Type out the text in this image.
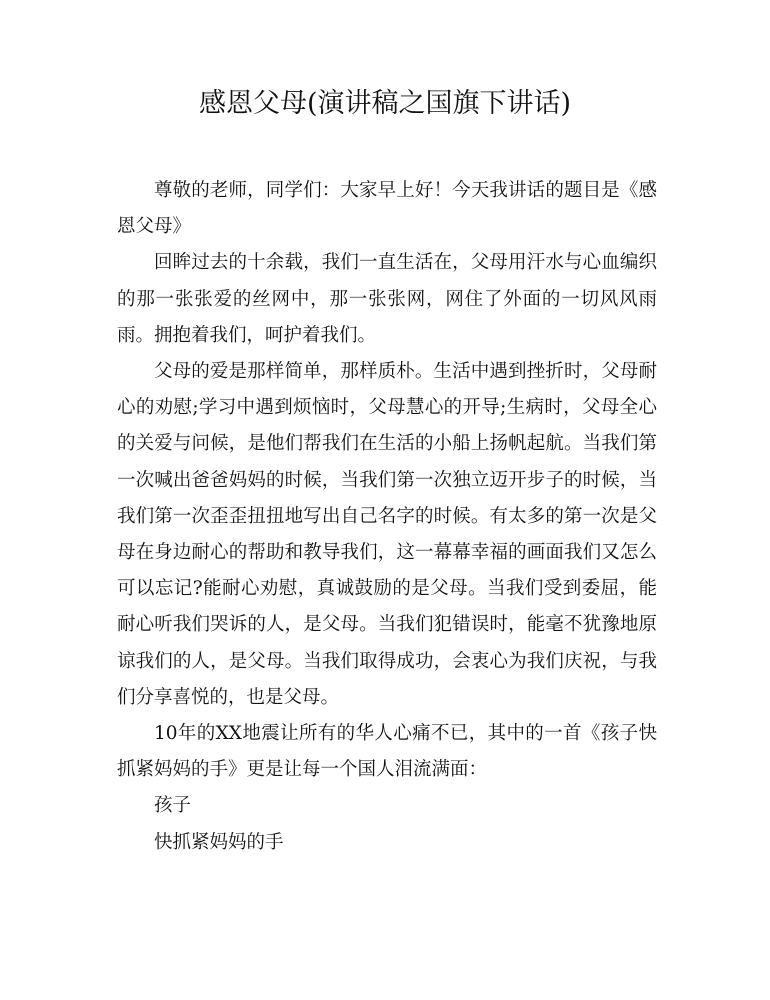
感恩父母(演讲稿之国旗下讲话)

尊敬的老师，同学们：大家早上好！今天我讲话的题目是《感恩父母》

回眸过去的十余载，我们一直生活在，父母用汗水与心血编织的那一张张爱的丝网中，那一张张网，网住了外面的一切风风雨雨。拥抱着我们，呵护着我们。

父母的爱是那样简单，那样质朴。生活中遇到挫折时，父母耐心的劝慰;学习中遇到烦恼时，父母慧心的开导;生病时，父母全心的关爱与问候，是他们帮我们在生活的小船上扬帆起航。当我们第一次喊出爸爸妈妈的时候，当我们第一次独立迈开步子的时候，当我们第一次歪歪扭扭地写出自己名字的时候。有太多的第一次是父母在身边耐心的帮助和教导我们，这一幕幕幸福的画面我们又怎么可以忘记?能耐心劝慰，真诚鼓励的是父母。当我们受到委屈，能耐心听我们哭诉的人，是父母。当我们犯错误时，能毫不犹豫地原谅我们的人，是父母。当我们取得成功，会衷心为我们庆祝，与我们分享喜悦的，也是父母。

10年的XX地震让所有的华人心痛不已，其中的一首《孩子快抓紧妈妈的手》更是让每一个国人泪流满面：

孩子

快抓紧妈妈的手
